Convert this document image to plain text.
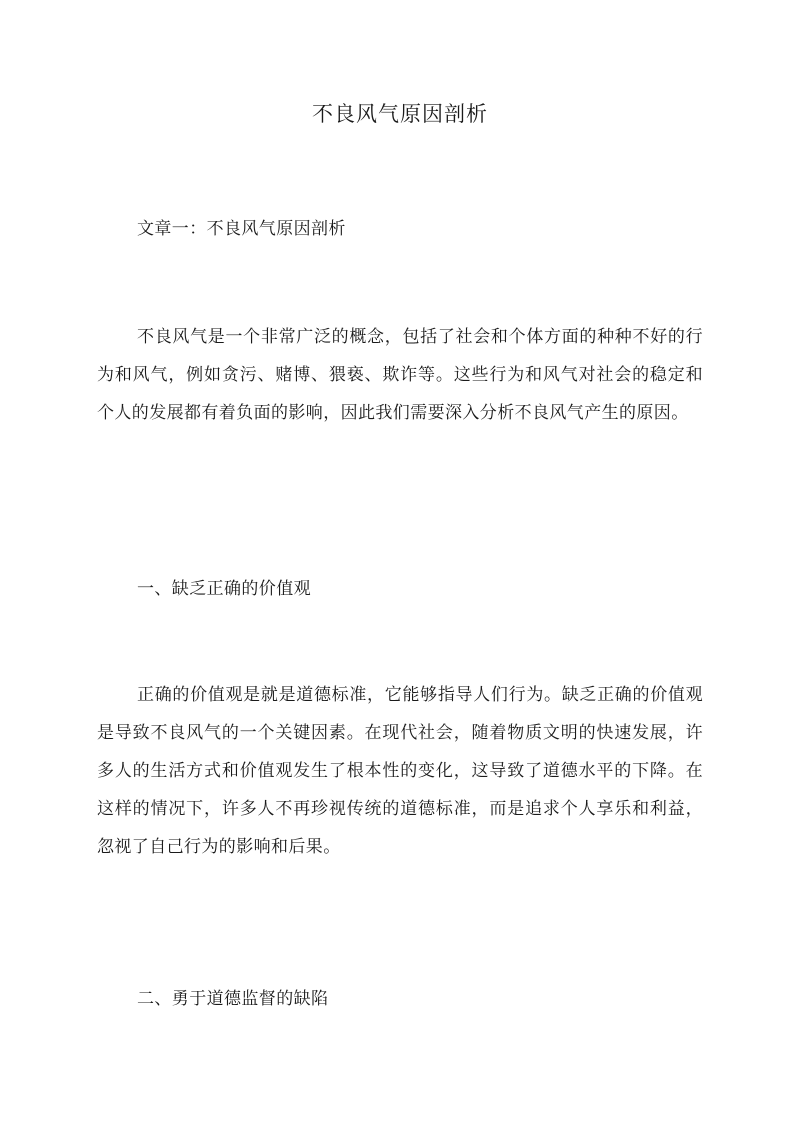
不良风气原因剖析

文章一：不良风气原因剖析

不良风气是一个非常广泛的概念，包括了社会和个体方面的种种不好的行为和风气，例如贪污、赌博、猥亵、欺诈等。这些行为和风气对社会的稳定和个人的发展都有着负面的影响，因此我们需要深入分析不良风气产生的原因。

一、缺乏正确的价值观

正确的价值观是就是道德标准，它能够指导人们行为。缺乏正确的价值观是导致不良风气的一个关键因素。在现代社会，随着物质文明的快速发展，许多人的生活方式和价值观发生了根本性的变化，这导致了道德水平的下降。在这样的情况下，许多人不再珍视传统的道德标准，而是追求个人享乐和利益，忽视了自己行为的影响和后果。

二、勇于道德监督的缺陷
